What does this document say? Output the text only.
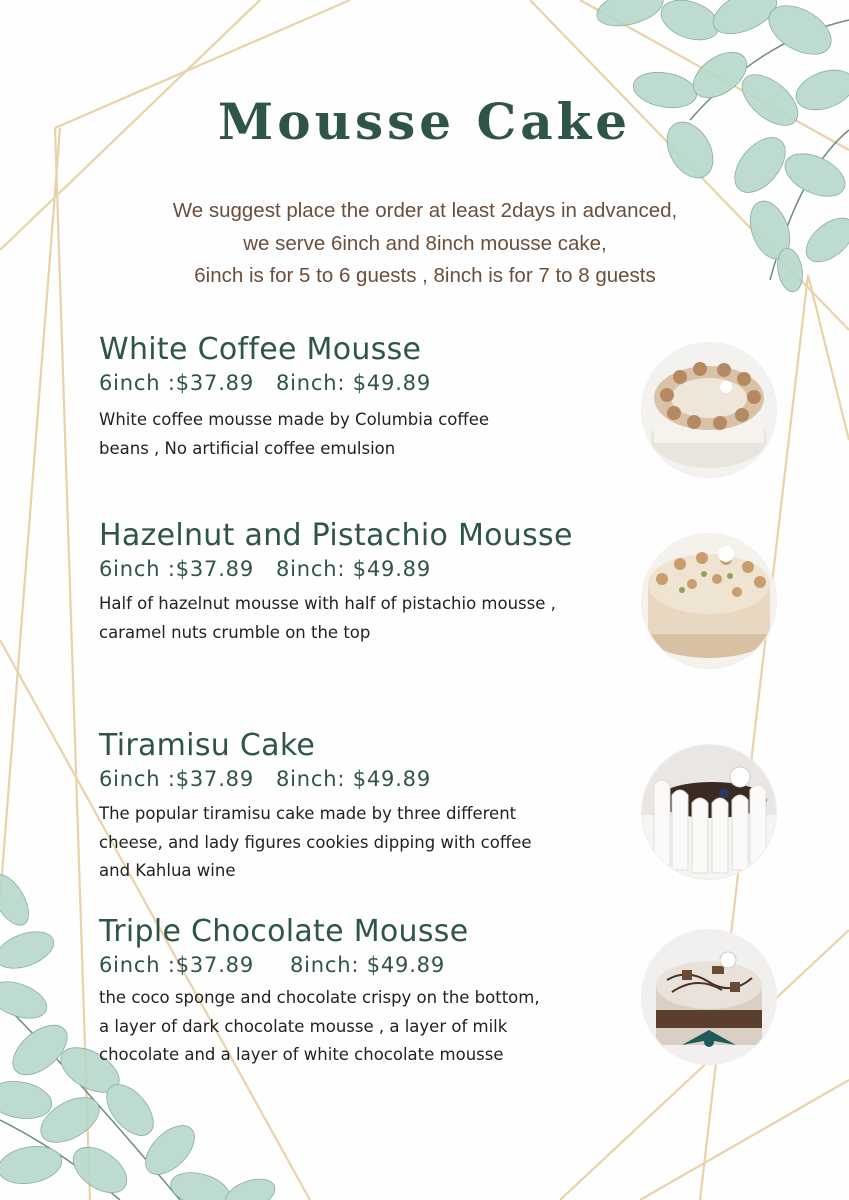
Mousse Cake
We suggest place the order at least 2days in advanced,
we serve 6inch and 8inch mousse cake,
6inch is for 5 to 6 guests , 8inch is for 7 to 8 guests
White Coffee Mousse
6inch :$37.89 8inch: $49.89
White coffee mousse made by Columbia coffee
beans , No artificial coffee emulsion
Hazelnut and Pistachio Mousse
6inch :$37.89 8inch: $49.89
Half of hazelnut mousse with half of pistachio mousse ,
caramel nuts crumble on the top
Tiramisu Cake
6inch :$37.89 8inch: $49.89
The popular tiramisu cake made by three different
cheese, and lady figures cookies dipping with coffee
and Kahlua wine
Triple Chocolate Mousse
6inch :$37.89 8inch: $49.89
the coco sponge and chocolate crispy on the bottom,
a layer of dark chocolate mousse , a layer of milk
chocolate and a layer of white chocolate mousse
